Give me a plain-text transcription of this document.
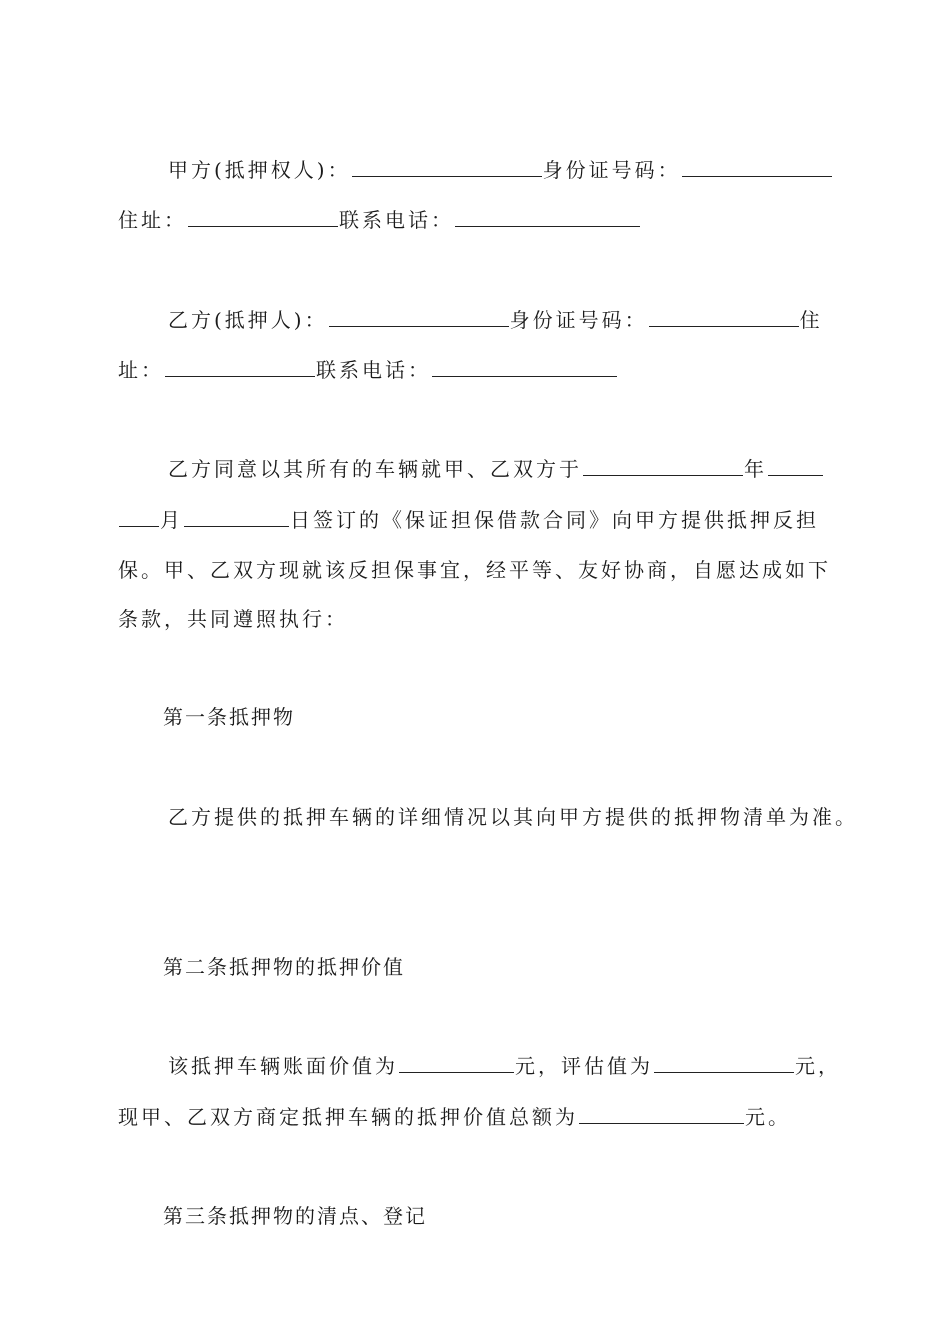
甲方(抵押权人)：	身份证号码：
住址：	联系电话：
乙方(抵押人)：	身份证号码：	住
址：	联系电话：
乙方同意以其所有的车辆就甲、乙双方于	年
月	日签订的《保证担保借款合同》向甲方提供抵押反担
保。甲、乙双方现就该反担保事宜，经平等、友好协商，自愿达成如下
条款，共同遵照执行：
第一条抵押物
乙方提供的抵押车辆的详细情况以其向甲方提供的抵押物清单为准。
第二条抵押物的抵押价值
该抵押车辆账面价值为	元，评估值为	元，
现甲、乙双方商定抵押车辆的抵押价值总额为	元。
第三条抵押物的清点、登记
